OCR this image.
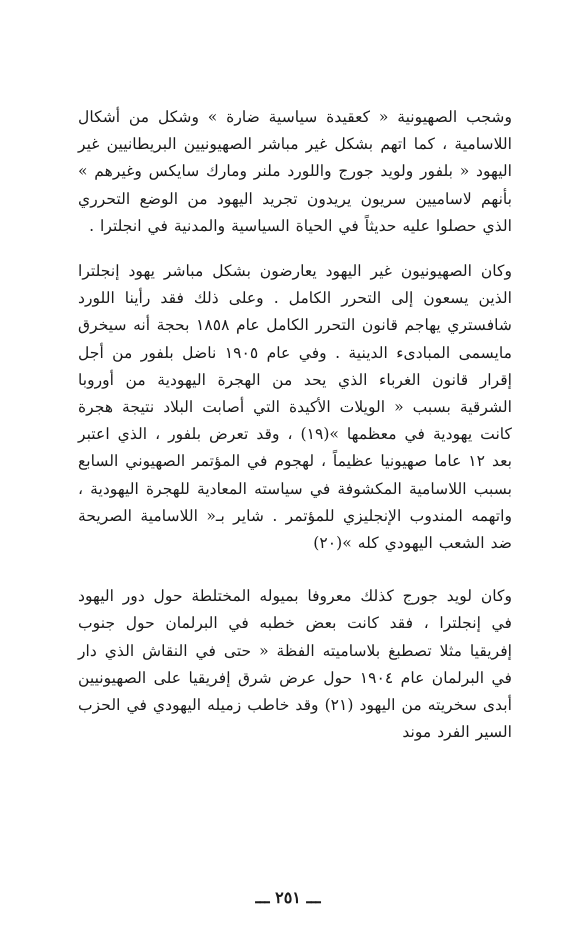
وشجب الصهيونية « كعقيدة سياسية ضارة » وشكل من أشكال اللاسامية ، كما اتهم بشكل غير مباشر الصهيونيين البريطانيين غير اليهود « بلفور ولويد جورج واللورد ملنر ومارك سايكس وغيرهم » بأنهم لاساميين سريون يريدون تجريد اليهود من الوضع التحرري الذي حصلوا عليه حديثاً في الحياة السياسية والمدنية في انجلترا .

وكان الصهيونيون غير اليهود يعارضون بشكل مباشر يهود إنجلترا الذين يسعون إلى التحرر الكامل . وعلى ذلك فقد رأينا اللورد شافستري يهاجم قانون التحرر الكامل عام ١٨٥٨ بحجة أنه سيخرق مايسمى المبادىء الدينية . وفي عام ١٩٠٥ ناضل بلفور من أجل إقرار قانون الغرباء الذي يحد من الهجرة اليهودية من أوروبا الشرقية بسبب « الويلات الأكيدة التي أصابت البلاد نتيجة هجرة كانت يهودية في معظمها »(١٩) ، وقد تعرض بلفور ، الذي اعتبر بعد ١٢ عاما صهيونيا عظيماً ، لهجوم في المؤتمر الصهيوني السابع بسبب اللاسامية المكشوفة في سياسته المعادية للهجرة اليهودية ، واتهمه المندوب الإنجليزي للمؤتمر . شاير بـ« اللاسامية الصريحة ضد الشعب اليهودي كله »(٢٠)

وكان لويد جورج كذلك معروفا بميوله المختلطة حول دور اليهود في إنجلترا ، فقد كانت بعض خطبه في البرلمان حول جنوب إفريقيا مثلا تصطبغ بلاساميته الفظة « حتى في النقاش الذي دار في البرلمان عام ١٩٠٤ حول عرض شرق إفريقيا على الصهيونيين أبدى سخريته من اليهود (٢١) وقد خاطب زميله اليهودي في الحزب السير الفرد موند

ـــ ٢٥١ ـــ
